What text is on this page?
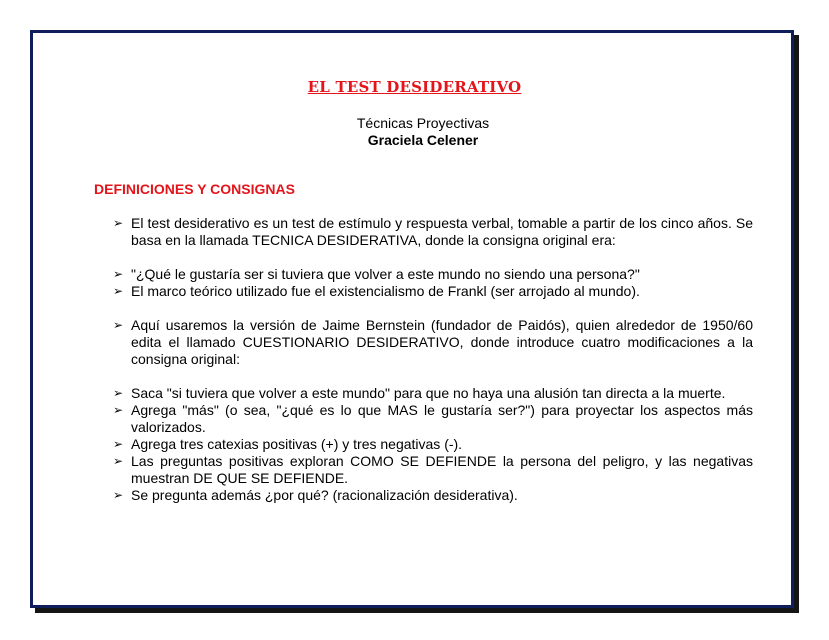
EL TEST DESIDERATIVO
Técnicas Proyectivas
Graciela Celener
DEFINICIONES Y CONSIGNAS
➢ El test desiderativo es un test de estímulo y respuesta verbal, tomable a partir de los cinco años. Se basa en la llamada TECNICA DESIDERATIVA, donde la consigna original era:
➢ "¿Qué le gustaría ser si tuviera que volver a este mundo no siendo una persona?"
➢ El marco teórico utilizado fue el existencialismo de Frankl (ser arrojado al mundo).
➢ Aquí usaremos la versión de Jaime Bernstein (fundador de Paidós), quien alrededor de 1950/60 edita el llamado CUESTIONARIO DESIDERATIVO, donde introduce cuatro modificaciones a la consigna original:
➢ Saca "si tuviera que volver a este mundo" para que no haya una alusión tan directa a la muerte.
➢ Agrega "más" (o sea, "¿qué es lo que MAS le gustaría ser?") para proyectar los aspectos más valorizados.
➢ Agrega tres catexias positivas (+) y tres negativas (-).
➢ Las preguntas positivas exploran COMO SE DEFIENDE la persona del peligro, y las negativas muestran DE QUE SE DEFIENDE.
➢ Se pregunta además ¿por qué? (racionalización desiderativa).
